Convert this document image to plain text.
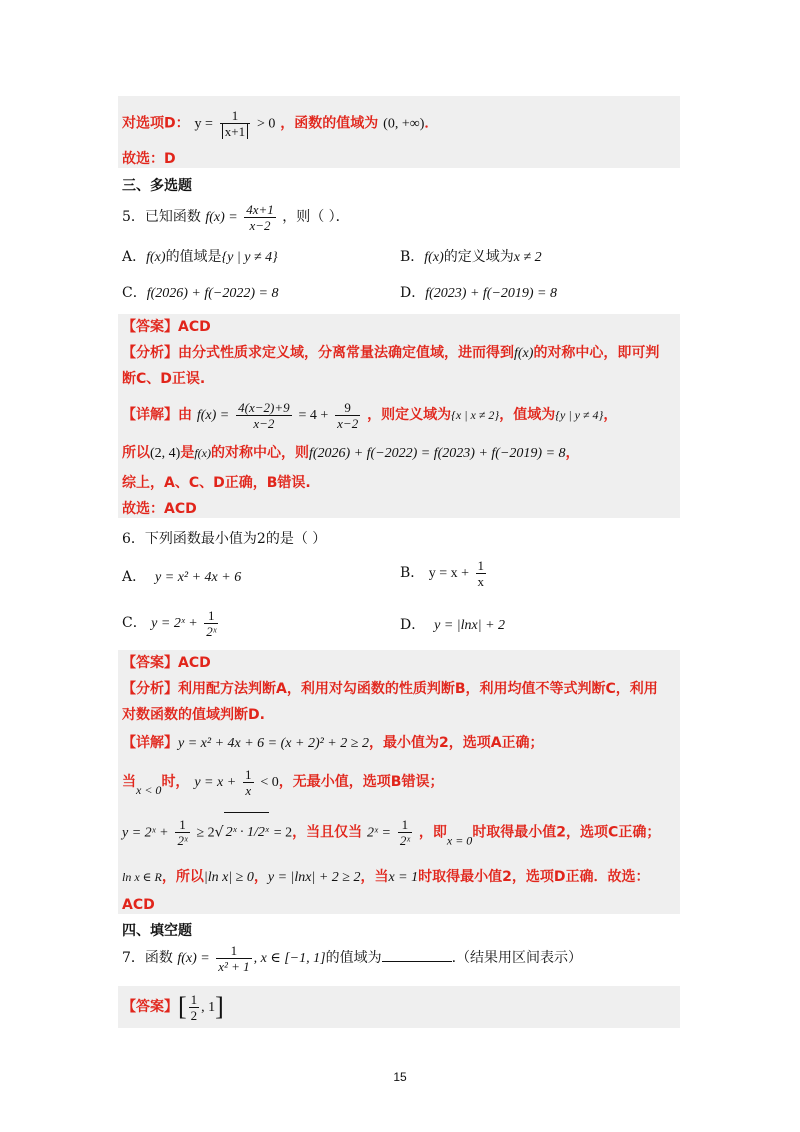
对选项D： $y = \frac{1}{x+1} > 0$ ，函数的值域为 (0, +∞)．
故选：D
三、多选题
5．已知函数 $f(x) = \frac{4x+1}{x-2}$ ，则（ ）．
A．f(x)的值域是{y | y ≠ 4}	B．f(x)的定义域为x ≠ 2
C．f(2026) + f(−2022) = 8	D．f(2023) + f(−2019) = 8
【答案】ACD
【分析】由分式性质求定义域，分离常量法确定值域，进而得到f(x)的对称中心，即可判
断C、D正误.
【详解】由 $f(x) = \frac{4(x-2)+9}{x-2} = 4 + \frac{9}{x-2}$ ，则定义域为{x | x ≠ 2}，值域为{y | y ≠ 4}，
所以(2, 4)是f(x)的对称中心，则f(2026) + f(−2022) = f(2023) + f(−2019) = 8，
综上，A、C、D正确，B错误.
故选：ACD
6．下列函数最小值为2的是（ ）
A． y = x² + 4x + 6	B． $y = x + \frac{1}{x}$
C． y = 2ˣ + $\frac{1}{\text{2ˣ}}$	D． y = |lnx| + 2
【答案】ACD
【分析】利用配方法判断A，利用对勾函数的性质判断B，利用均值不等式判断C，利用
对数函数的值域判断D.
【详解】y = x² + 4x + 6 = (x + 2)² + 2 ≥ 2，最小值为2，选项A正确；
当x < 0时， $y = x + \frac{1}{x} < 0$，无最小值，选项B错误；
y = 2ˣ + $\frac{1}{\text{2ˣ}} \ge 2√$ 2ˣ · 1/2ˣ = 2，当且仅当 2ˣ = $\frac{1}{\text{2ˣ}}$ ，即x = 0时取得最小值2，选项C正确；
ln x ∈ R，所以|ln x| ≥ 0，y = |lnx| + 2 ≥ 2，当x = 1时取得最小值2，选项D正确．故选：
ACD
四、填空题
7．函数 $f(x) = \frac{1}{\text{x² + 1}}$ , x ∈ [−1, 1]的值域为	.（结果用区间表示）
【答案】[ $\frac{1}{2}$ , 1]
15
